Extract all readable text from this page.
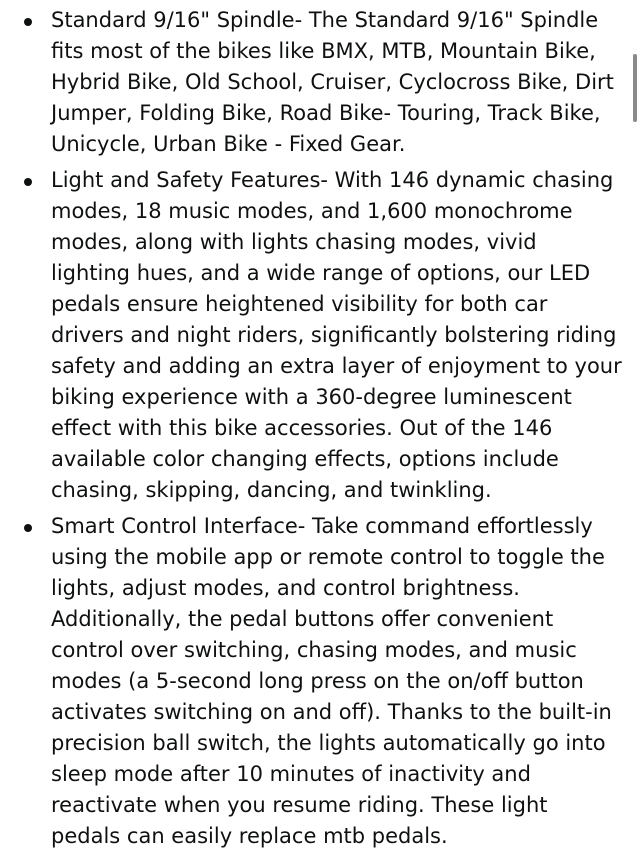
Standard 9/16" Spindle- The Standard 9/16" Spindle fits most of the bikes like BMX, MTB, Mountain Bike, Hybrid Bike, Old School, Cruiser, Cyclocross Bike, Dirt Jumper, Folding Bike, Road Bike- Touring, Track Bike, Unicycle, Urban Bike - Fixed Gear.
Light and Safety Features- With 146 dynamic chasing modes, 18 music modes, and 1,600 monochrome modes, along with lights chasing modes, vivid lighting hues, and a wide range of options, our LED pedals ensure heightened visibility for both car drivers and night riders, significantly bolstering riding safety and adding an extra layer of enjoyment to your biking experience with a 360-degree luminescent effect with this bike accessories. Out of the 146 available color changing effects, options include chasing, skipping, dancing, and twinkling.
Smart Control Interface- Take command effortlessly using the mobile app or remote control to toggle the lights, adjust modes, and control brightness. Additionally, the pedal buttons offer convenient control over switching, chasing modes, and music modes (a 5-second long press on the on/off button activates switching on and off). Thanks to the built-in precision ball switch, the lights automatically go into sleep mode after 10 minutes of inactivity and reactivate when you resume riding. These light pedals can easily replace mtb pedals.
